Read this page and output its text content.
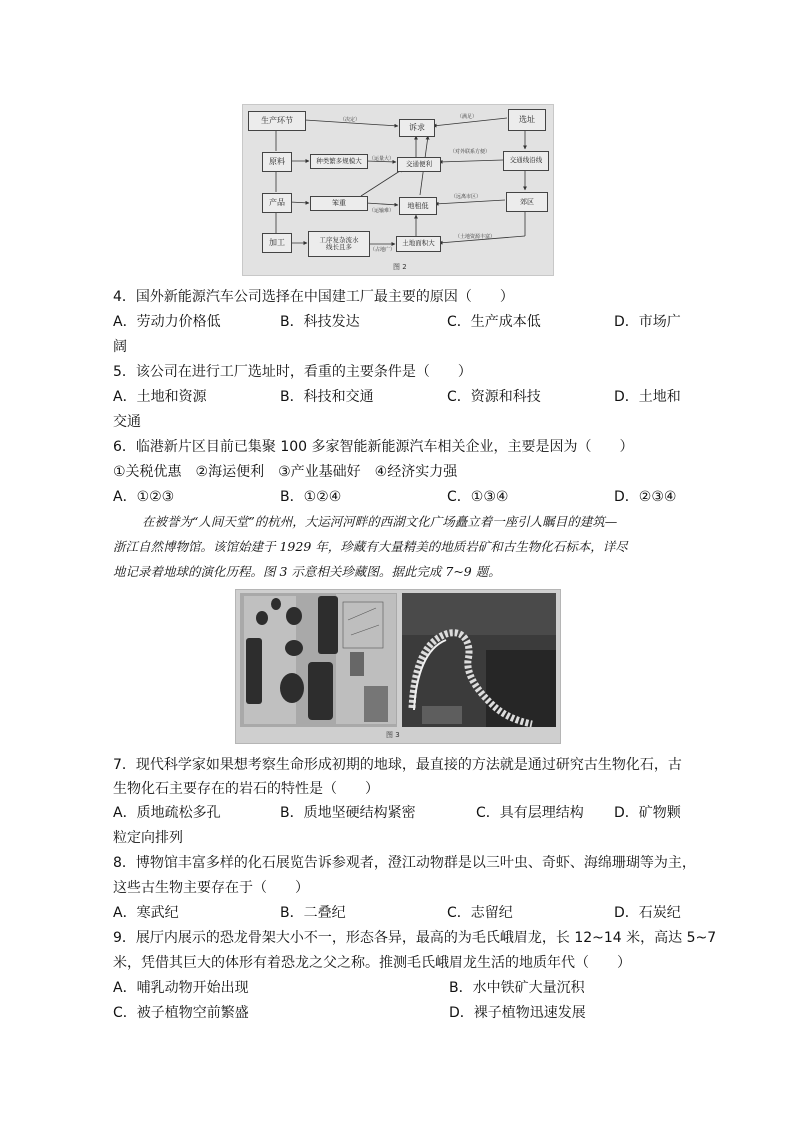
生产环节
诉求
选址
原料	种类繁多规模大	交通便利	交通线沿线
产品	笨重	地租低	郊区
加工	工序复杂流水
线长且多	土地面积大
（决定）	（满足）
（运量大）
（对外联系方便）
（运输难）
（远离市区）
（占地广）
（土地资源丰富）
图 2
4．国外新能源汽车公司选择在中国建工厂最主要的原因（　　）
A．劳动力价格低	B．科技发达	C．生产成本低	D．市场广
阔
5．该公司在进行工厂选址时，看重的主要条件是（　　）
A．土地和资源	B．科技和交通	C．资源和科技	D．土地和
交通
6．临港新片区目前已集聚 100 多家智能新能源汽车相关企业，主要是因为（　　）
①关税优惠　②海运便利　③产业基础好　④经济实力强
A．①②③	B．①②④	C．①③④	D．②③④
在被誉为“人间天堂”的杭州，大运河河畔的西湖文化广场矗立着一座引人瞩目的建筑—
浙江自然博物馆。该馆始建于 1929 年，珍藏有大量精美的地质岩矿和古生物化石标本，详尽
地记录着地球的演化历程。图 3 示意相关珍藏图。据此完成 7~9 题。
图 3
7．现代科学家如果想考察生命形成初期的地球，最直接的方法就是通过研究古生物化石，古
生物化石主要存在的岩石的特性是（　　）
A．质地疏松多孔	B．质地坚硬结构紧密	C．具有层理结构 D．矿物颗
粒定向排列
8．博物馆丰富多样的化石展览告诉参观者，澄江动物群是以三叶虫、奇虾、海绵珊瑚等为主，
这些古生物主要存在于（　　）
A．寒武纪	B．二叠纪	C．志留纪	D．石炭纪
9．展厅内展示的恐龙骨架大小不一，形态各异，最高的为毛氏峨眉龙，长 12~14 米，高达 5~7
米，凭借其巨大的体形有着恐龙之父之称。推测毛氏峨眉龙生活的地质年代（　　）
A．哺乳动物开始出现	B．水中铁矿大量沉积
C．被子植物空前繁盛	D．裸子植物迅速发展
